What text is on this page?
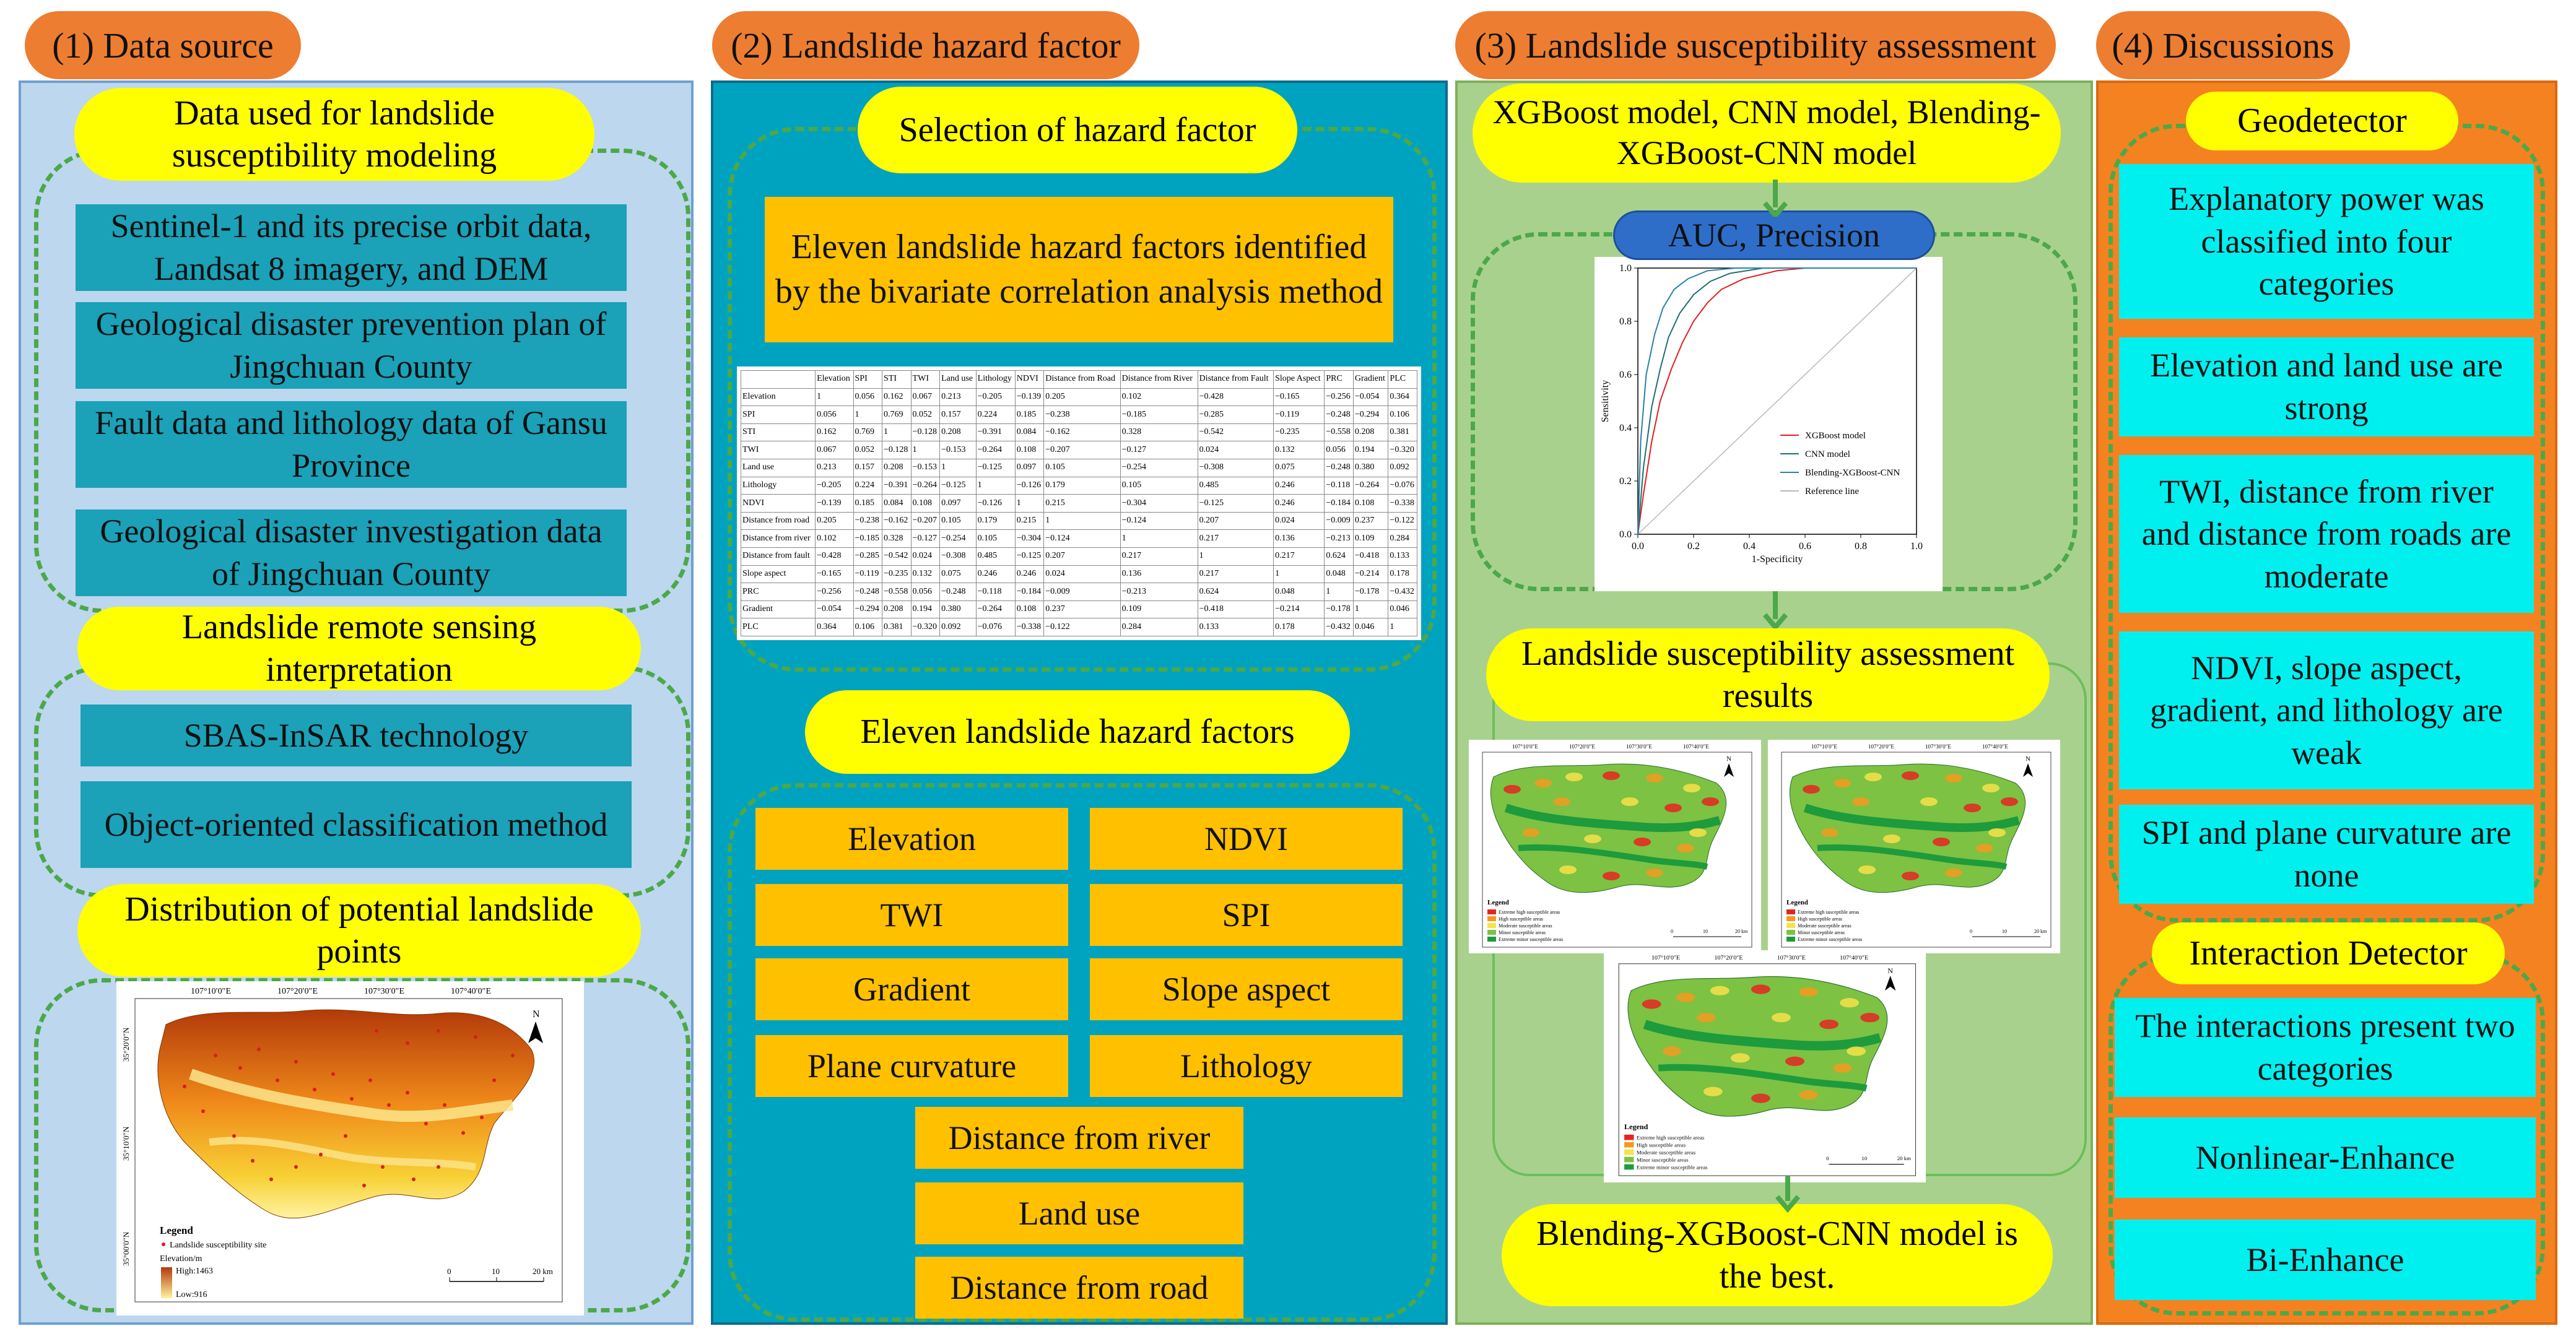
(1) Data source	(2) Landslide hazard factor	(3) Landslide susceptibility assessment	(4) Discussions
Data used for landslide susceptibility modeling
Sentinel-1 and its precise orbit data, Landsat 8 imagery, and DEM
Geological disaster prevention plan of Jingchuan County
Fault data and lithology data of Gansu Province
Geological disaster investigation data of Jingchuan County
Landslide remote sensing interpretation
SBAS-InSAR technology
Object-oriented classification method
Distribution of potential landslide points
107°10′0″E	107°20′0″E	107°30′0″E	107°40′0″E
35°20′0″N
35°10′0″N
35°00′0″N
N
Legend
Landslide susceptibility site
Elevation/m
High:1463
Low:916
0	10	20 km
Selection of hazard factor
Eleven landslide hazard factors identified by the bivariate correlation analysis method
	Elevation	SPI	STI	TWI	Land use	Lithology	NDVI	Distance from Road	Distance from River	Distance from Fault	Slope Aspect	PRC	Gradient	PLC
Elevation	1	0.056	0.162	0.067	0.213	−0.205	−0.139	0.205	0.102	−0.428	−0.165	−0.256	−0.054	0.364
SPI	0.056	1	0.769	0.052	0.157	0.224	0.185	−0.238	−0.185	−0.285	−0.119	−0.248	−0.294	0.106
STI	0.162	0.769	1	−0.128	0.208	−0.391	0.084	−0.162	0.328	−0.542	−0.235	−0.558	0.208	0.381
TWI	0.067	0.052	−0.128	1	−0.153	−0.264	0.108	−0.207	−0.127	0.024	0.132	0.056	0.194	−0.320
Land use	0.213	0.157	0.208	−0.153	1	−0.125	0.097	0.105	−0.254	−0.308	0.075	−0.248	0.380	0.092
Lithology	−0.205	0.224	−0.391	−0.264	−0.125	1	−0.126	0.179	0.105	0.485	0.246	−0.118	−0.264	−0.076
NDVI	−0.139	0.185	0.084	0.108	0.097	−0.126	1	0.215	−0.304	−0.125	0.246	−0.184	0.108	−0.338
Distance from road	0.205	−0.238	−0.162	−0.207	0.105	0.179	0.215	1	−0.124	0.207	0.024	−0.009	0.237	−0.122
Distance from river	0.102	−0.185	0.328	−0.127	−0.254	0.105	−0.304	−0.124	1	0.217	0.136	−0.213	0.109	0.284
Distance from fault	−0.428	−0.285	−0.542	0.024	−0.308	0.485	−0.125	0.207	0.217	1	0.217	0.624	−0.418	0.133
Slope aspect	−0.165	−0.119	−0.235	0.132	0.075	0.246	0.246	0.024	0.136	0.217	1	0.048	−0.214	0.178
PRC	−0.256	−0.248	−0.558	0.056	−0.248	−0.118	−0.184	−0.009	−0.213	0.624	0.048	1	−0.178	−0.432
Gradient	−0.054	−0.294	0.208	0.194	0.380	−0.264	0.108	0.237	0.109	−0.418	−0.214	−0.178	1	0.046
PLC	0.364	0.106	0.381	−0.320	0.092	−0.076	−0.338	−0.122	0.284	0.133	0.178	−0.432	0.046	1
Eleven landslide hazard factors
Elevation	NDVI
TWI	SPI
Gradient	Slope aspect
Plane curvature	Lithology
Distance from river
Land use
Distance from road
XGBoost model, CNN model, Blending-XGBoost-CNN model
AUC, Precision
0.0	0.2	0.4	0.6	0.8	1.0
0.0
0.2
0.4
0.6
0.8
1.0
1-Specificity
Sensitivity
XGBoost model
CNN model
Blending-XGBoost-CNN
Reference line
Landslide susceptibility assessment results
107°10′0″E	107°20′0″E	107°30′0″E	107°40′0″E
N
Legend
Extreme high susceptible areas
High susceptible areas
Moderate susceptible areas
Minor susceptible areas
Extreme minor susceptible areas
0	10	20 km
107°10′0″E	107°20′0″E	107°30′0″E	107°40′0″E
N
Legend
Extreme high susceptible areas
High susceptible areas
Moderate susceptible areas
Minor susceptible areas
Extreme minor susceptible areas
0	10	20 km
107°10′0″E	107°20′0″E	107°30′0″E	107°40′0″E
N
Legend
Extreme high susceptible areas
High susceptible areas
Moderate susceptible areas
Minor susceptible areas
Extreme minor susceptible areas
0	10	20 km
Blending-XGBoost-CNN model is the best.
Geodetector
Explanatory power was classified into four categories
Elevation and land use are strong
TWI, distance from river and distance from roads are moderate
NDVI, slope aspect, gradient, and lithology are weak
SPI and plane curvature are none
Interaction Detector
The interactions present two categories
Nonlinear-Enhance
Bi-Enhance
